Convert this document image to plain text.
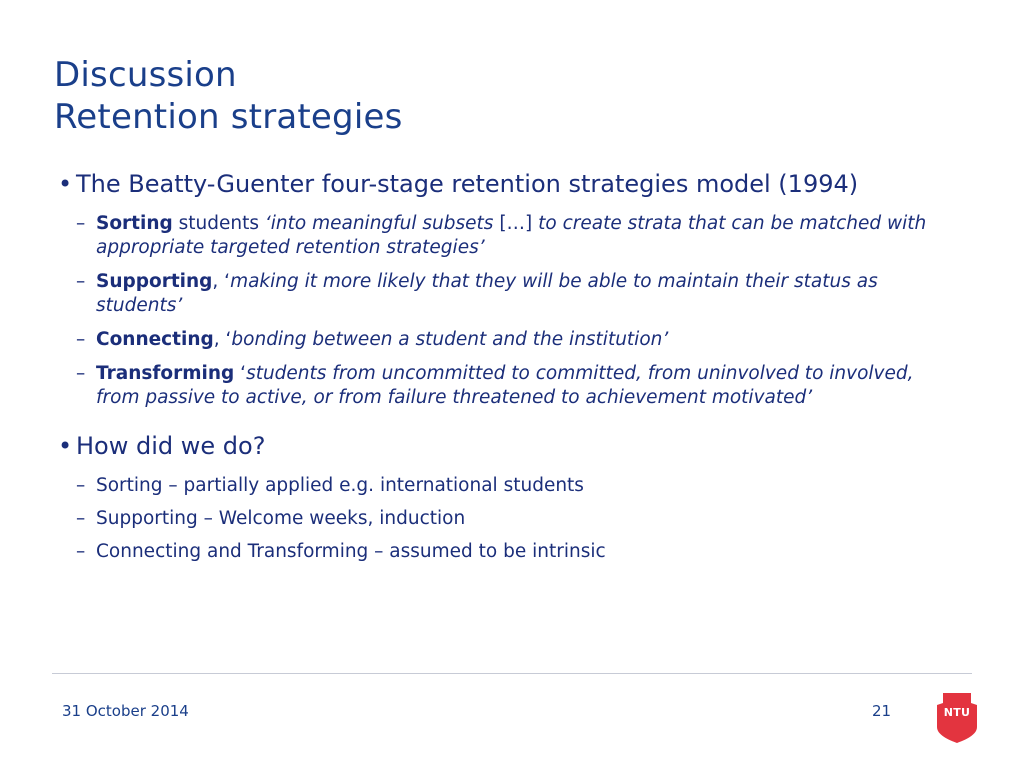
Discussion
Retention strategies
• The Beatty-Guenter four-stage retention strategies model (1994)
– Sorting students ‘into meaningful subsets […] to create strata that can be matched with appropriate targeted retention strategies’
– Supporting, ‘making it more likely that they will be able to maintain their status as students’
– Connecting, ‘bonding between a student and the institution’
– Transforming ‘students from uncommitted to committed, from uninvolved to involved, from passive to active, or from failure threatened to achievement motivated’
• How did we do?
– Sorting – partially applied e.g. international students
– Supporting – Welcome weeks, induction
– Connecting and Transforming – assumed to be intrinsic
31 October 2014	21	NTU
